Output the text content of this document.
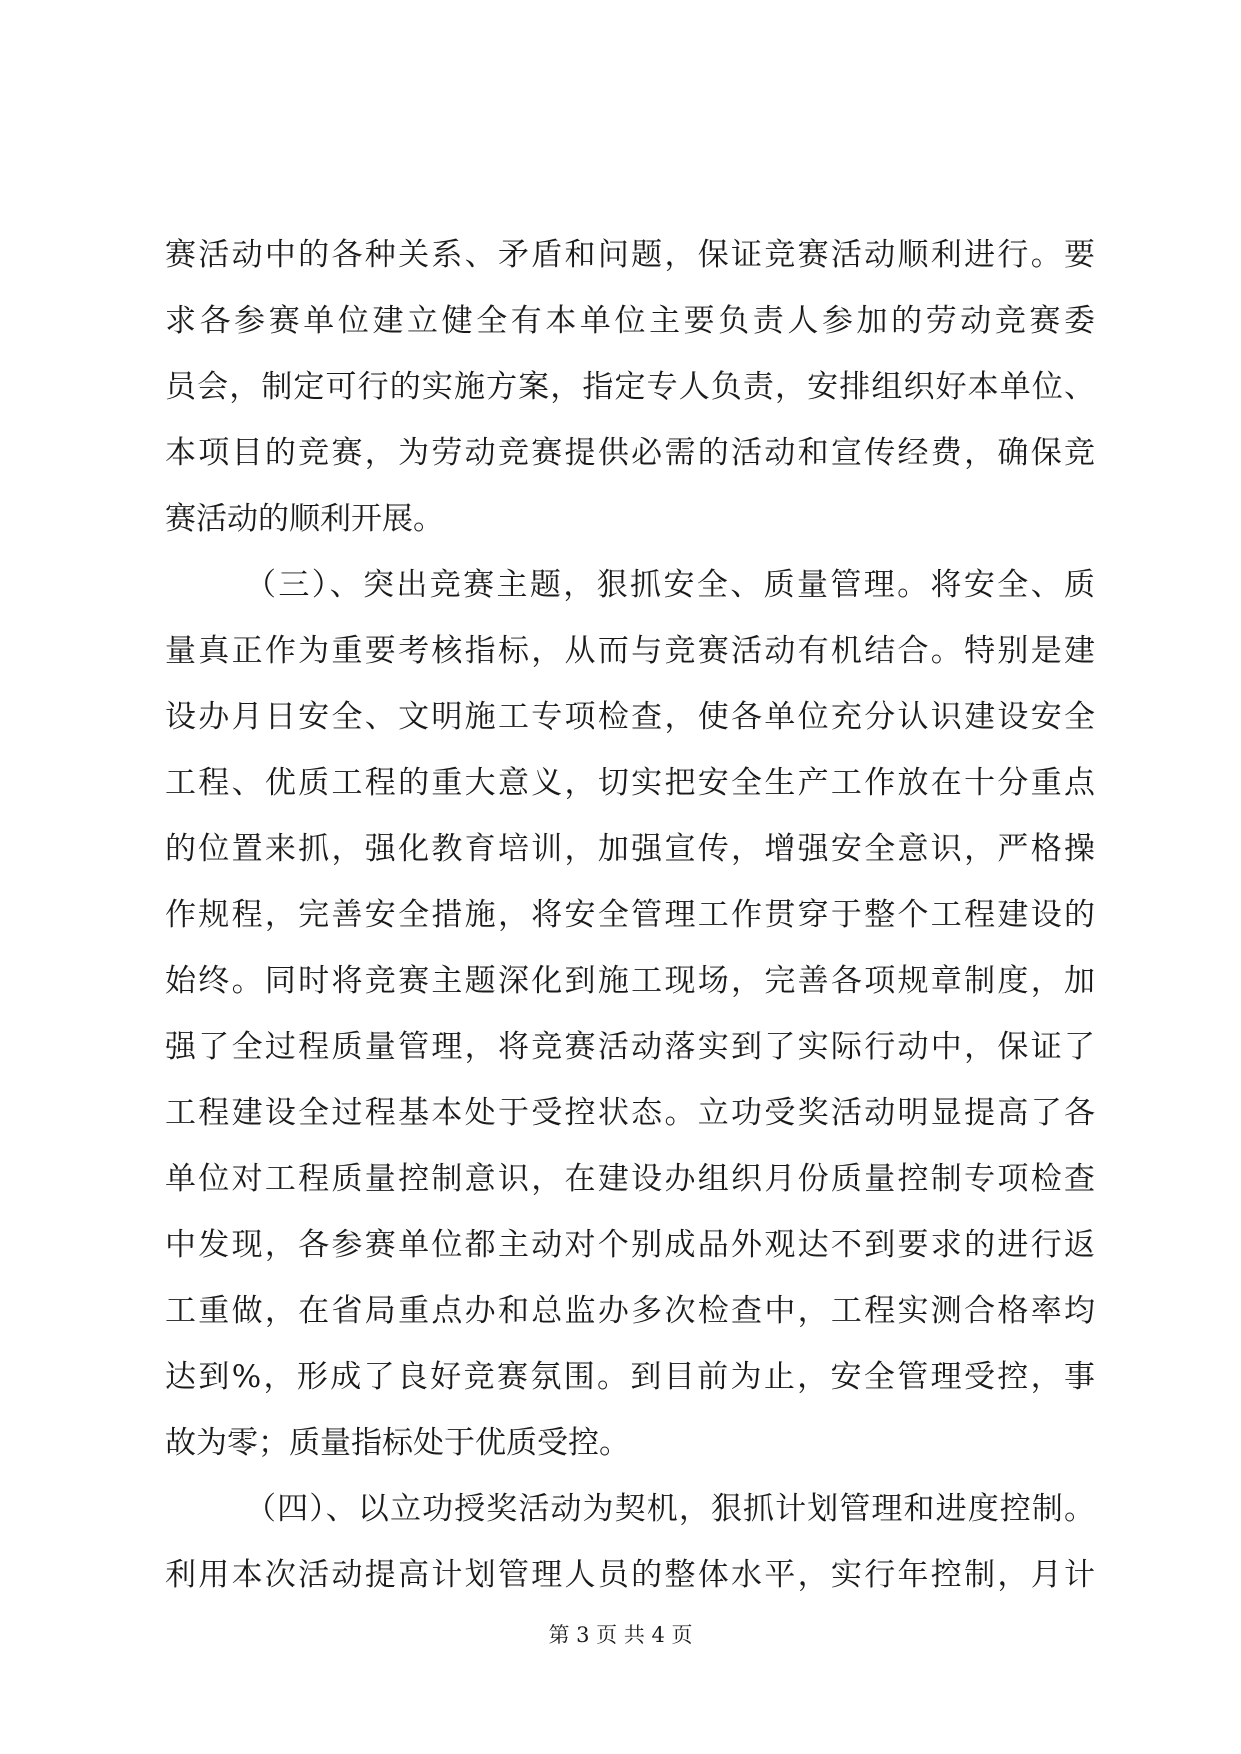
赛活动中的各种关系、矛盾和问题，保证竞赛活动顺利进行。要
求各参赛单位建立健全有本单位主要负责人参加的劳动竞赛委
员会，制定可行的实施方案，指定专人负责，安排组织好本单位、
本项目的竞赛，为劳动竞赛提供必需的活动和宣传经费，确保竞
赛活动的顺利开展。
（三）、突出竞赛主题，狠抓安全、质量管理。将安全、质
量真正作为重要考核指标，从而与竞赛活动有机结合。特别是建
设办月日安全、文明施工专项检查，使各单位充分认识建设安全
工程、优质工程的重大意义，切实把安全生产工作放在十分重点
的位置来抓，强化教育培训，加强宣传，增强安全意识，严格操
作规程，完善安全措施，将安全管理工作贯穿于整个工程建设的
始终。同时将竞赛主题深化到施工现场，完善各项规章制度，加
强了全过程质量管理，将竞赛活动落实到了实际行动中，保证了
工程建设全过程基本处于受控状态。立功受奖活动明显提高了各
单位对工程质量控制意识，在建设办组织月份质量控制专项检查
中发现，各参赛单位都主动对个别成品外观达不到要求的进行返
工重做，在省局重点办和总监办多次检查中，工程实测合格率均
达到%，形成了良好竞赛氛围。到目前为止，安全管理受控，事
故为零；质量指标处于优质受控。
（四）、以立功授奖活动为契机，狠抓计划管理和进度控制。
利用本次活动提高计划管理人员的整体水平，实行年控制，月计
第 3 页 共 4 页
